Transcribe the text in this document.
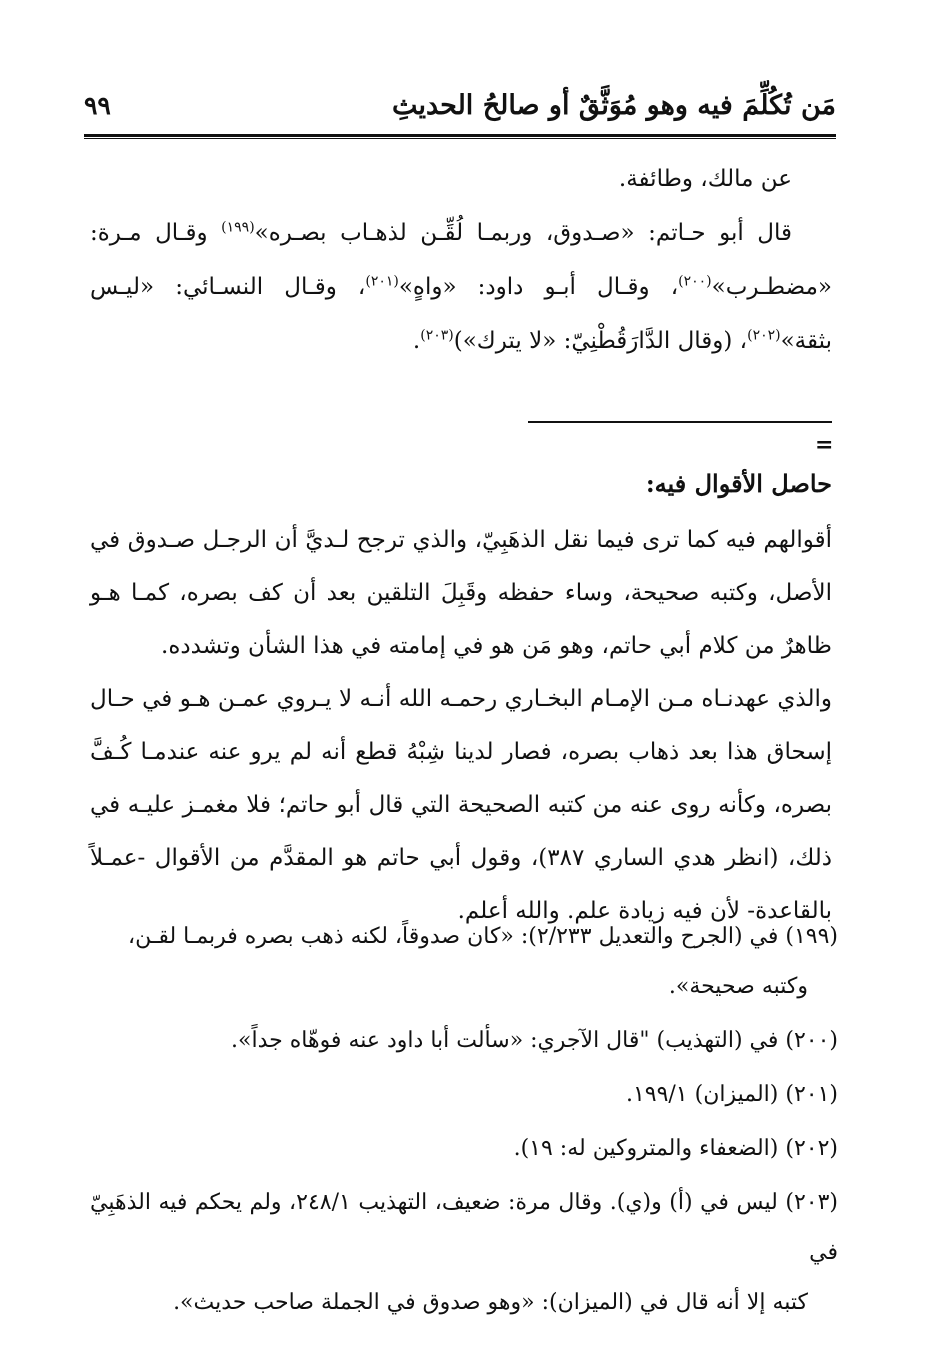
مَن تُكُلِّمَ فيه وهو مُوَثَّقٌ أو صالحُ الحديثِ
٩٩

عن مالك، وطائفة.

قال أبو حـاتم: «صـدوق، وربمـا لُقِّـن لذهـاب بصـره»$^{(١٩٩)}$ وقـال مـرة: «مضطـرب»$^{(٢٠٠)}$، وقـال أبـو داود: «واهٍ»$^{(٢٠١)}$، وقـال النسـائي: «ليـس بثقة»$^{(٢٠٢)}$، (وقال الدَّارَقُطْنِيّ: «لا يترك»)$^{(٢٠٣)}$.

=
حاصل الأقوال فيه:

أقوالهم فيه كما ترى فيما نقل الذهَبِيّ، والذي ترجح لـديَّ أن الرجـل صـدوق في الأصل، وكتبه صحيحة، وساء حفظه وقَبِلَ التلقين بعد أن كف بصره، كمـا هـو ظاهرٌ من كلام أبي حاتم، وهو مَن هو في إمامته في هذا الشأن وتشدده.

والذي عهدنـاه مـن الإمـام البخـاري رحمـه الله أنـه لا يـروي عمـن هـو في حـال إسحاق هذا بعد ذهاب بصره، فصار لدينا شِبْهُ قطع أنه لم يرو عنه عندمـا كُـفَّ بصره، وكأنه روى عنه من كتبه الصحيحة التي قال أبو حاتم؛ فلا مغمـز عليـه في ذلك، (انظر هدي الساري ٣٨٧)، وقول أبي حاتم هو المقدَّم من الأقوال -عمـلاً بالقاعدة- لأن فيه زيادة علم. والله أعلم.

(١٩٩) في (الجرح والتعديل ٢/٢٣٣): «كان صدوقاً، لكنه ذهب بصره فربمـا لقـن،
وكتبه صحيحة».

(٢٠٠) في (التهذيب) "قال الآجري: «سألت أبا داود عنه فوهّاه جداً».

(٢٠١) (الميزان) ١٩٩/١.

(٢٠٢) (الضعفاء والمتروكين له: ١٩).

(٢٠٣) ليس في (أ) و(ي). وقال مرة: ضعيف، التهذيب ٢٤٨/١، ولم يحكم فيه الذهَبِيّ في
كتبه إلا أنه قال في (الميزان): «وهو صدوق في الجملة صاحب حديث».
